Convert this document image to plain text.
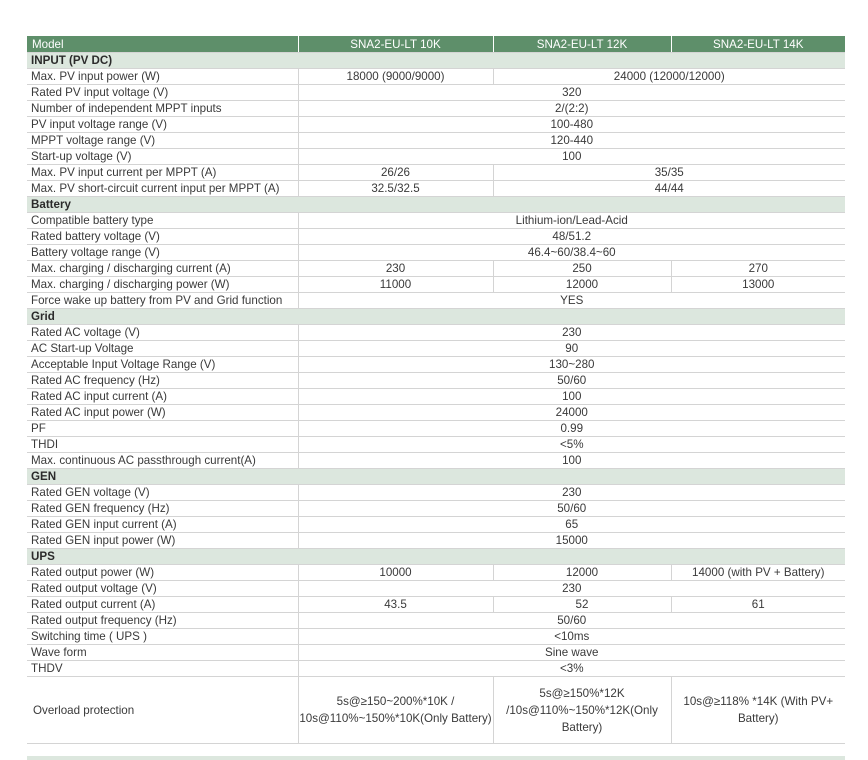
Model	SNA2-EU-LT 10K	SNA2-EU-LT 12K	SNA2-EU-LT 14K
INPUT (PV DC)			
Max. PV input power (W)	18000 (9000/9000)	24000 (12000/12000)	
Rated PV input voltage (V)	320		
Number of independent MPPT inputs	2/(2:2)		
PV input voltage range (V)	100-480		
MPPT voltage range (V)	120-440		
Start-up voltage (V)	100		
Max. PV input current per MPPT (A)	26/26	35/35	
Max. PV short-circuit current input per MPPT (A)	32.5/32.5	44/44	
Battery			
Compatible battery type	Lithium-ion/Lead-Acid		
Rated battery voltage (V)	48/51.2		
Battery voltage range (V)	46.4~60/38.4~60		
Max. charging / discharging current (A)	230	250	270
Max. charging / discharging power (W)	11000	12000	13000
Force wake up battery from PV and Grid function	YES		
Grid			
Rated AC voltage (V)	230		
AC Start-up Voltage	90		
Acceptable Input Voltage Range (V)	130~280		
Rated AC frequency (Hz)	50/60		
Rated AC input current (A)	100		
Rated AC input power (W)	24000		
PF	0.99		
THDI	<5%		
Max. continuous AC passthrough current(A)	100		
GEN			
Rated GEN voltage (V)	230		
Rated GEN frequency (Hz)	50/60		
Rated GEN input current (A)	65		
Rated GEN input power (W)	15000		
UPS			
Rated output power (W)	10000	12000	14000 (with PV + Battery)
Rated output voltage (V)	230		
Rated output current (A)	43.5	52	61
Rated output frequency (Hz)	50/60		
Switching time ( UPS )	<10ms		
Wave form	Sine wave		
THDV	<3%		
Overload protection	5s@≥150~200%*10K / 10s@110%~150%*10K(Only Battery)	5s@≥150%*12K /10s@110%~150%*12K(Only Battery)	10s@≥118% *14K (With PV+ Battery)
